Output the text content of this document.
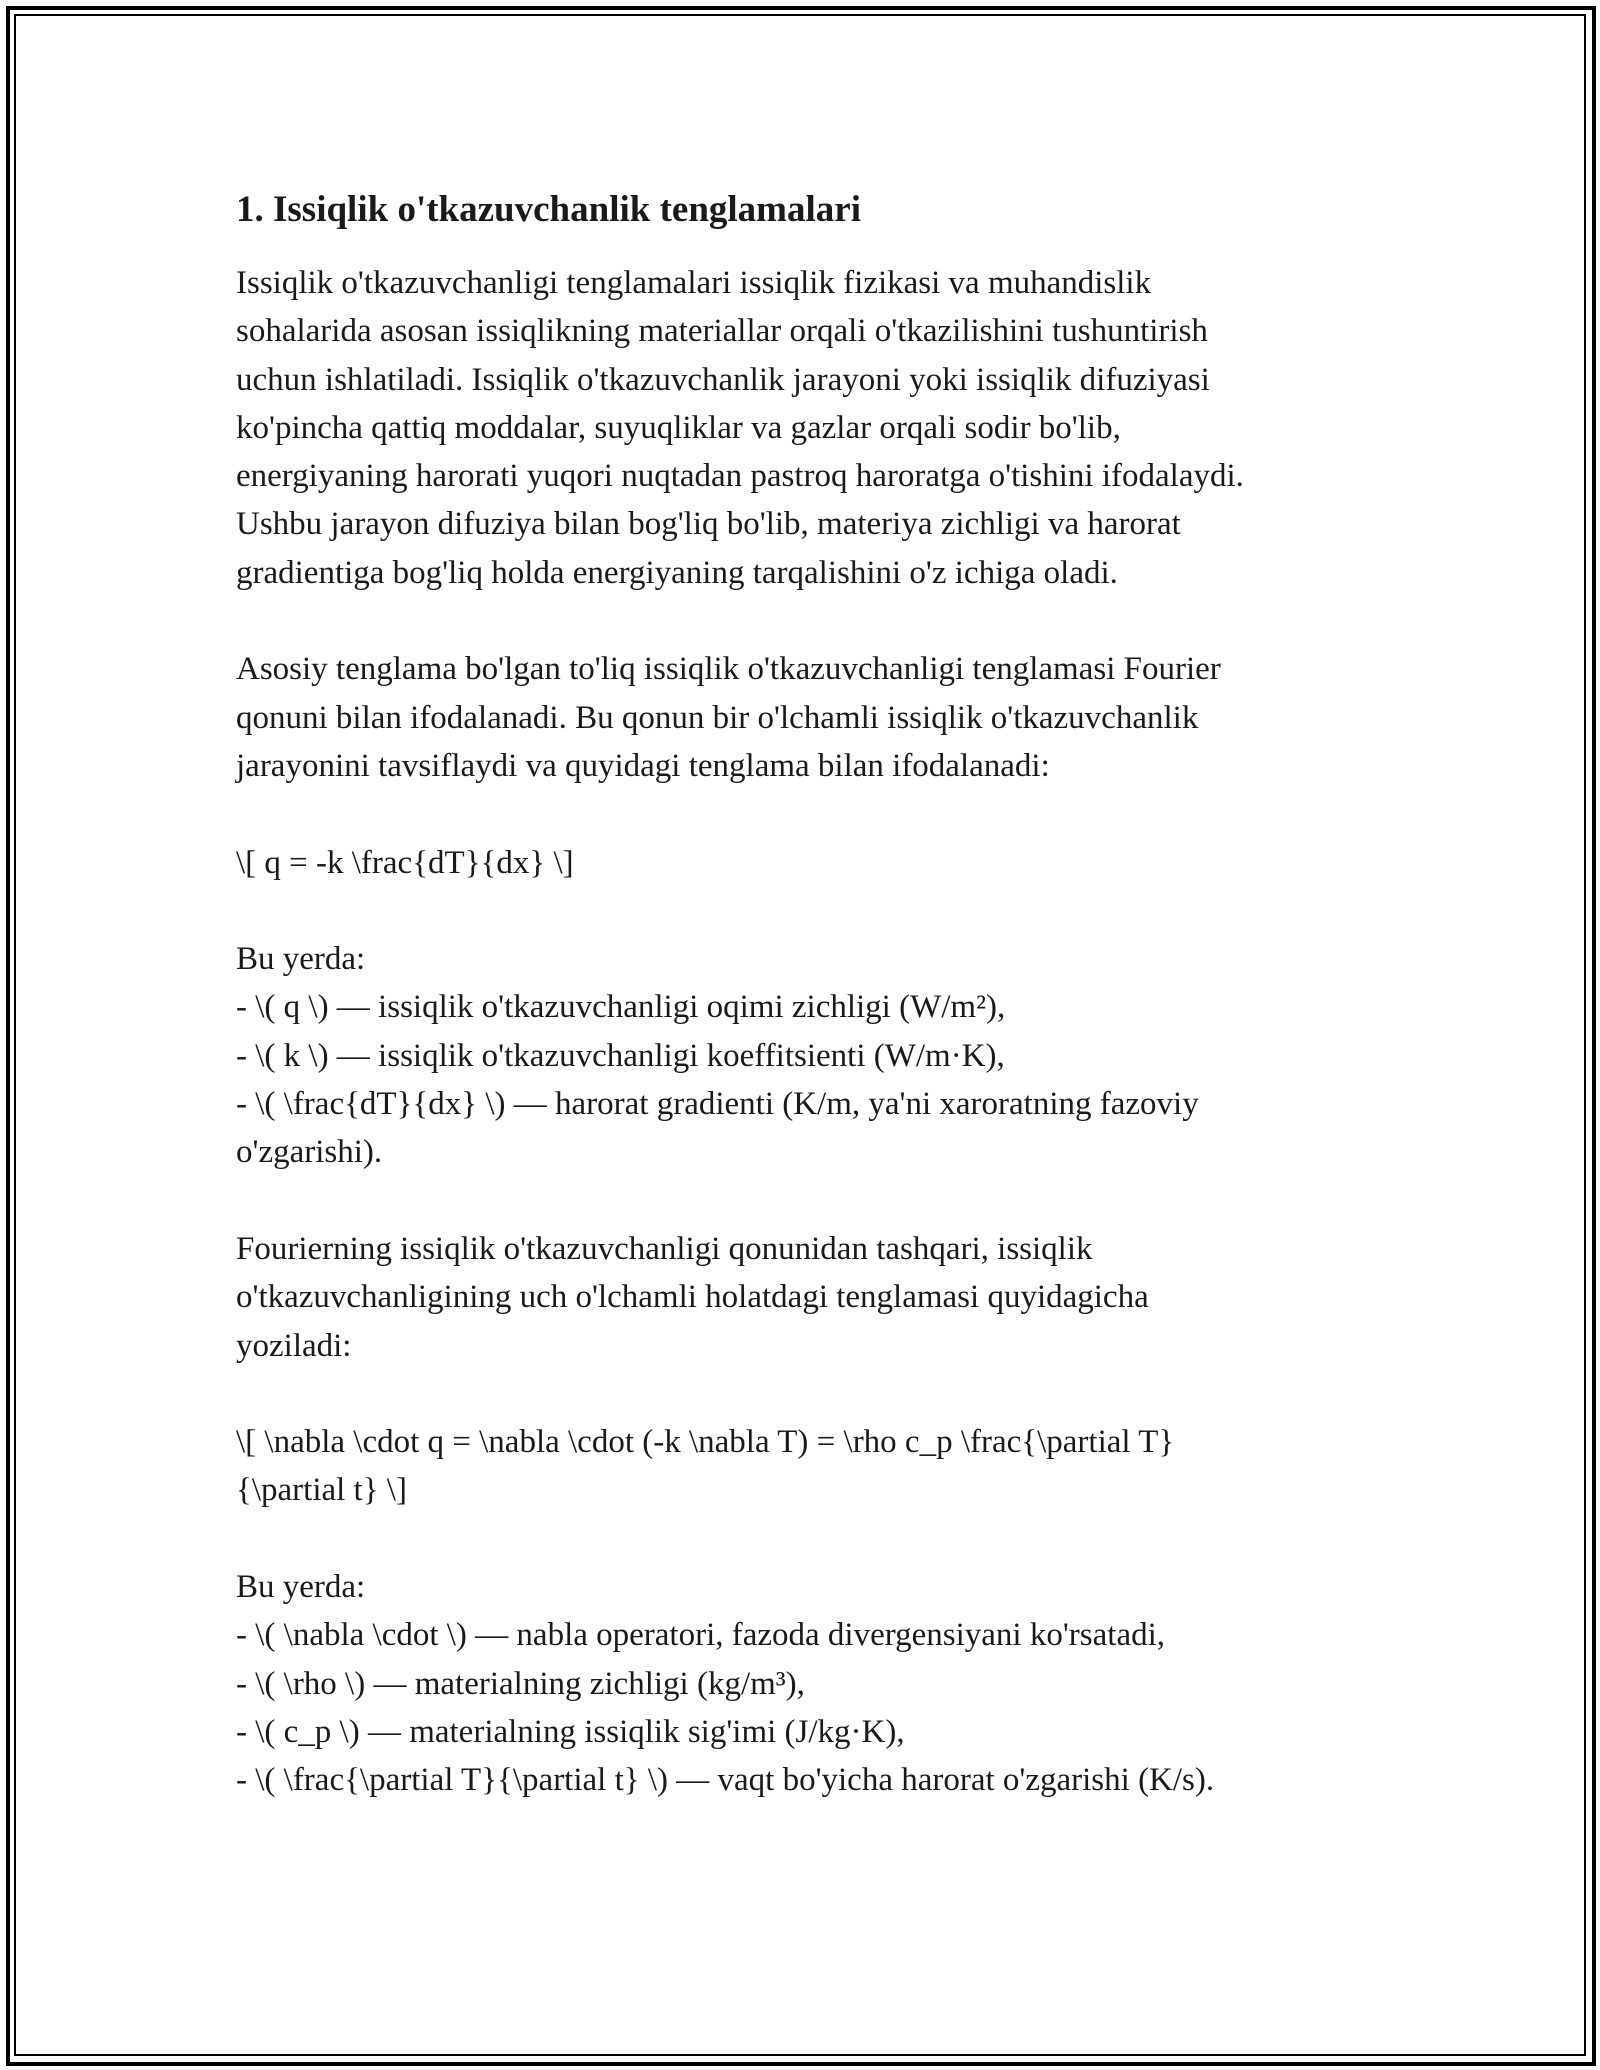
1. Issiqlik o'tkazuvchanlik tenglamalari

Issiqlik o'tkazuvchanligi tenglamalari issiqlik fizikasi va muhandislik
sohalarida asosan issiqlikning materiallar orqali o'tkazilishini tushuntirish
uchun ishlatiladi. Issiqlik o'tkazuvchanlik jarayoni yoki issiqlik difuziyasi
ko'pincha qattiq moddalar, suyuqliklar va gazlar orqali sodir bo'lib,
energiyaning harorati yuqori nuqtadan pastroq haroratga o'tishini ifodalaydi.
Ushbu jarayon difuziya bilan bog'liq bo'lib, materiya zichligi va harorat
gradientiga bog'liq holda energiyaning tarqalishini o'z ichiga oladi.

Asosiy tenglama bo'lgan to'liq issiqlik o'tkazuvchanligi tenglamasi Fourier
qonuni bilan ifodalanadi. Bu qonun bir o'lchamli issiqlik o'tkazuvchanlik
jarayonini tavsiflaydi va quyidagi tenglama bilan ifodalanadi:

\[ q = -k \frac{dT}{dx} \]

Bu yerda:

- \( q \) — issiqlik o'tkazuvchanligi oqimi zichligi (W/m²),

- \( k \) — issiqlik o'tkazuvchanligi koeffitsienti (W/m·K),

- \( \frac{dT}{dx} \) — harorat gradienti (K/m, ya'ni xaroratning fazoviy
o'zgarishi).

Fourierning issiqlik o'tkazuvchanligi qonunidan tashqari, issiqlik
o'tkazuvchanligining uch o'lchamli holatdagi tenglamasi quyidagicha
yoziladi:

\[ \nabla \cdot q = \nabla \cdot (-k \nabla T) = \rho c_p \frac{\partial T}
{\partial t} \]

Bu yerda:

- \( \nabla \cdot \) — nabla operatori, fazoda divergensiyani ko'rsatadi,

- \( \rho \) — materialning zichligi (kg/m³),

- \( c_p \) — materialning issiqlik sig'imi (J/kg·K),

- \( \frac{\partial T}{\partial t} \) — vaqt bo'yicha harorat o'zgarishi (K/s).
